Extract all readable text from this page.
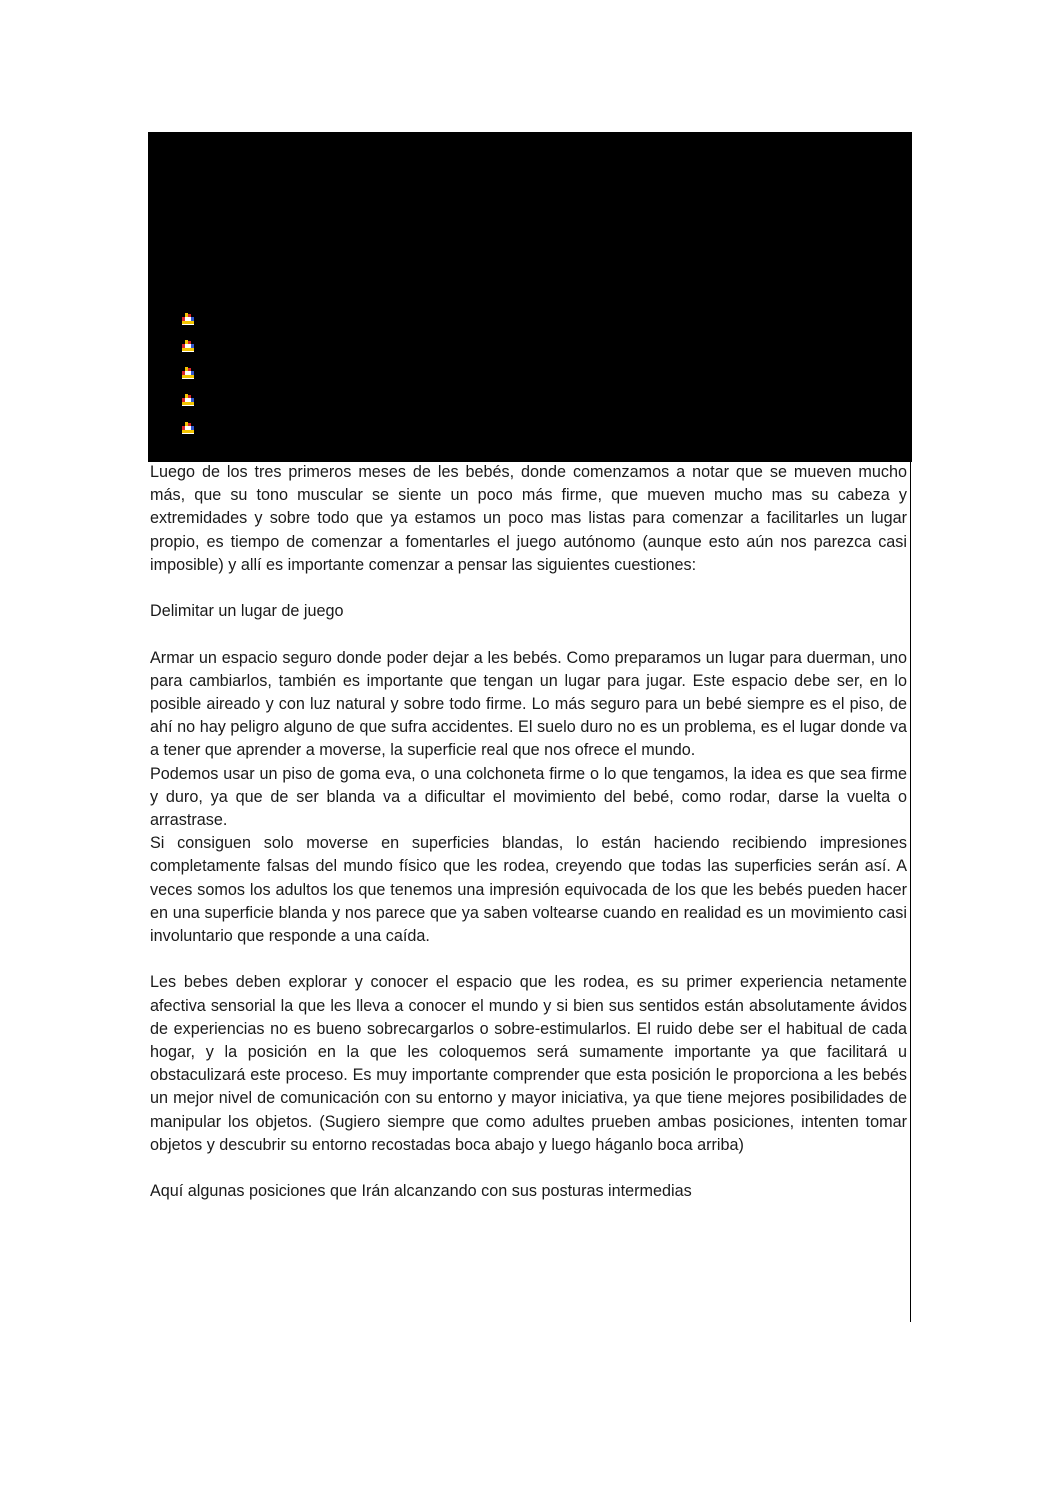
Luego de los tres primeros meses de les bebés, donde comenzamos a notar que se mueven mucho más, que su tono muscular se siente un poco más firme, que mueven mucho mas su cabeza y extremidades y sobre todo que ya estamos un poco mas listas para comenzar a facilitarles un lugar propio, es tiempo de comenzar a fomentarles el juego autónomo (aunque esto aún nos parezca casi imposible) y allí es importante comenzar a pensar las siguientes cuestiones:

Delimitar un lugar de juego

Armar un espacio seguro donde poder dejar a les bebés. Como preparamos un lugar para duerman, uno para cambiarlos, también es importante que tengan un lugar para jugar. Este espacio debe ser, en lo posible aireado y con luz natural y sobre todo firme. Lo más seguro para un bebé siempre es el piso, de ahí no hay peligro alguno de que sufra accidentes. El suelo duro no es un problema, es el lugar donde va a tener que aprender a moverse, la superficie real que nos ofrece el mundo.

Podemos usar un piso de goma eva, o una colchoneta firme o lo que tengamos, la idea es que sea firme y duro, ya que de ser blanda va a dificultar el movimiento del bebé, como rodar, darse la vuelta o arrastrase.

Si consiguen solo moverse en superficies blandas, lo están haciendo recibiendo impresiones completamente falsas del mundo físico que les rodea, creyendo que todas las superficies serán así. A veces somos los adultos los que tenemos una impresión equivocada de los que les bebés pueden hacer en una superficie blanda y nos parece que ya saben voltearse cuando en realidad es un movimiento casi involuntario que responde a una caída.

Les bebes deben explorar y conocer el espacio que les rodea, es su primer experiencia netamente afectiva sensorial la que les lleva a conocer el mundo y si bien sus sentidos están absolutamente ávidos de experiencias no es bueno sobrecargarlos o sobre-estimularlos. El ruido debe ser el habitual de cada hogar, y la posición en la que les coloquemos será sumamente importante ya que facilitará u obstaculizará este proceso. Es muy importante comprender que esta posición le proporciona a les bebés un mejor nivel de comunicación con su entorno y mayor iniciativa, ya que tiene mejores posibilidades de manipular los objetos. (Sugiero siempre que como adultes prueben ambas posiciones, intenten tomar objetos y descubrir su entorno recostadas boca abajo y luego háganlo boca arriba)

Aquí algunas posiciones que Irán alcanzando con sus posturas intermedias
